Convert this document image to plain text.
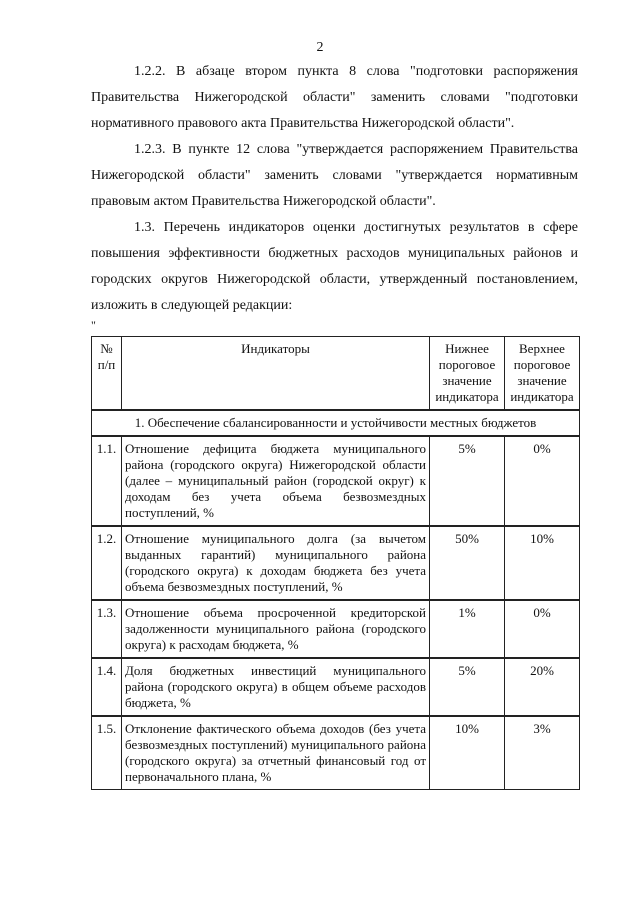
2

1.2.2. В абзаце втором пункта 8 слова "подготовки распоряжения Правительства Нижегородской области" заменить словами "подготовки нормативного правового акта Правительства Нижегородской области".

1.2.3. В пункте 12 слова "утверждается распоряжением Правительства Нижегородской области" заменить словами "утверждается нормативным правовым актом Правительства Нижегородской области".

1.3. Перечень индикаторов оценки достигнутых результатов в сфере повышения эффективности бюджетных расходов муниципальных районов и городских округов Нижегородской области, утвержденный постановлением, изложить в следующей редакции:

"
№ п/п	Индикаторы	Нижнее пороговое значение индикатора	Верхнее пороговое значение индикатора
1. Обеспечение сбалансированности и устойчивости местных бюджетов			
1.1.	Отношение дефицита бюджета муниципального района (городского округа) Нижегородской области (далее – муниципальный район (городской округ) к доходам без учета объема безвозмездных поступлений, %	5%	0%
1.2.	Отношение муниципального долга (за вычетом выданных гарантий) муниципального района (городского округа) к доходам бюджета без учета объема безвозмездных поступлений, %	50%	10%
1.3.	Отношение объема просроченной кредиторской задолженности муниципального района (городского округа) к расходам бюджета, %	1%	0%
1.4.	Доля бюджетных инвестиций муниципального района (городского округа) в общем объеме расходов бюджета, %	5%	20%
1.5.	Отклонение фактического объема доходов (без учета безвозмездных поступлений) муниципального района (городского округа) за отчетный финансовый год от первоначального плана, %	10%	3%
